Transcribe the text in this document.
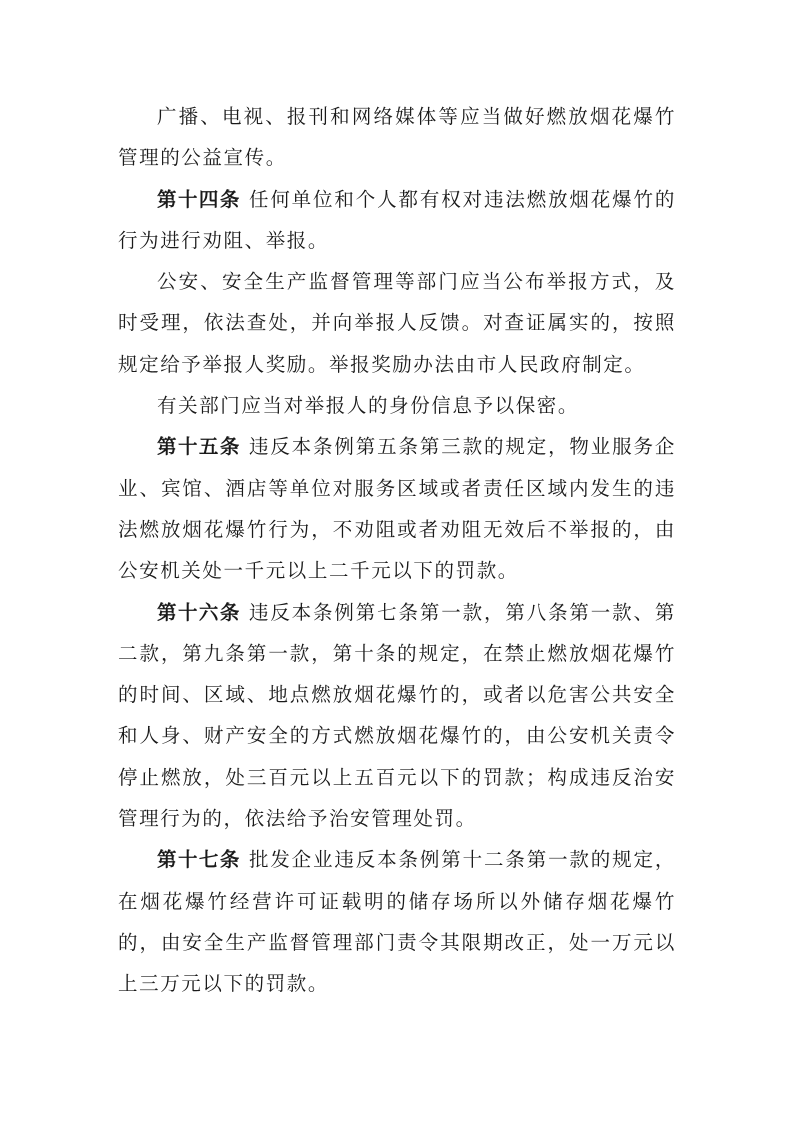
广播、电视、报刊和网络媒体等应当做好燃放烟花爆竹管理的公益宣传。

第十四条 任何单位和个人都有权对违法燃放烟花爆竹的行为进行劝阻、举报。

公安、安全生产监督管理等部门应当公布举报方式，及时受理，依法查处，并向举报人反馈。对查证属实的，按照规定给予举报人奖励。举报奖励办法由市人民政府制定。

有关部门应当对举报人的身份信息予以保密。

第十五条 违反本条例第五条第三款的规定，物业服务企业、宾馆、酒店等单位对服务区域或者责任区域内发生的违法燃放烟花爆竹行为，不劝阻或者劝阻无效后不举报的，由公安机关处一千元以上二千元以下的罚款。

第十六条 违反本条例第七条第一款，第八条第一款、第二款，第九条第一款，第十条的规定，在禁止燃放烟花爆竹的时间、区域、地点燃放烟花爆竹的，或者以危害公共安全和人身、财产安全的方式燃放烟花爆竹的，由公安机关责令停止燃放，处三百元以上五百元以下的罚款；构成违反治安管理行为的，依法给予治安管理处罚。

第十七条 批发企业违反本条例第十二条第一款的规定，在烟花爆竹经营许可证载明的储存场所以外储存烟花爆竹的，由安全生产监督管理部门责令其限期改正，处一万元以上三万元以下的罚款。
